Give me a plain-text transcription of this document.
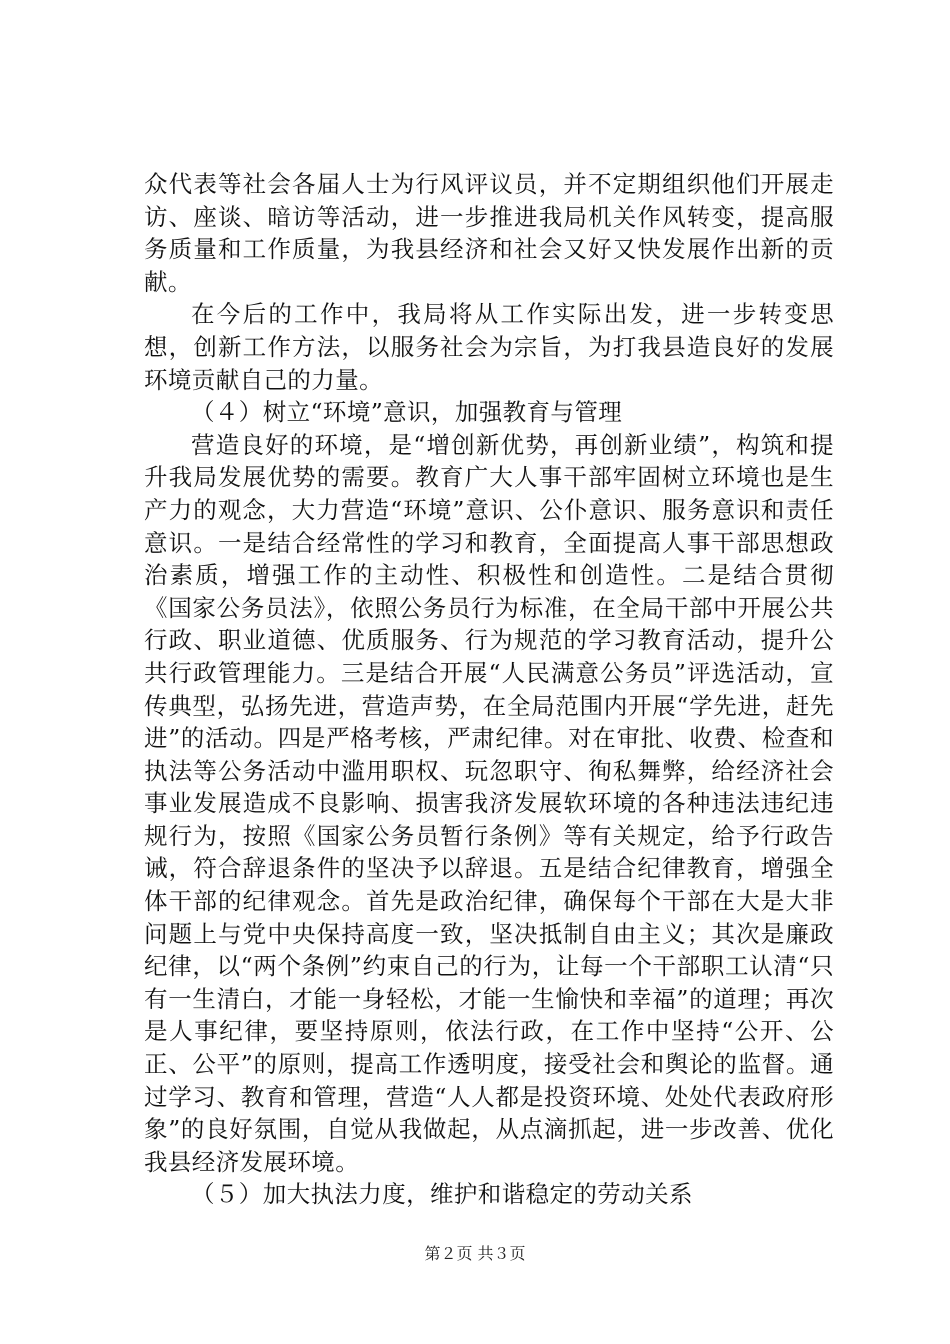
众代表等社会各届人士为行风评议员，并不定期组织他们开展走访、座谈、暗访等活动，进一步推进我局机关作风转变，提高服务质量和工作质量，为我县经济和社会又好又快发展作出新的贡献。

在今后的工作中，我局将从工作实际出发，进一步转变思想，创新工作方法，以服务社会为宗旨，为打我县造良好的发展环境贡献自己的力量。

（４）树立“环境”意识，加强教育与管理

营造良好的环境，是“增创新优势，再创新业绩”，构筑和提升我局发展优势的需要。教育广大人事干部牢固树立环境也是生产力的观念，大力营造“环境”意识、公仆意识、服务意识和责任意识。一是结合经常性的学习和教育，全面提高人事干部思想政治素质，增强工作的主动性、积极性和创造性。二是结合贯彻《国家公务员法》，依照公务员行为标准，在全局干部中开展公共行政、职业道德、优质服务、行为规范的学习教育活动，提升公共行政管理能力。三是结合开展“人民满意公务员”评选活动，宣传典型，弘扬先进，营造声势，在全局范围内开展“学先进，赶先进”的活动。四是严格考核，严肃纪律。对在审批、收费、检查和执法等公务活动中滥用职权、玩忽职守、徇私舞弊，给经济社会事业发展造成不良影响、损害我济发展软环境的各种违法违纪违规行为，按照《国家公务员暂行条例》等有关规定，给予行政告诫，符合辞退条件的坚决予以辞退。五是结合纪律教育，增强全体干部的纪律观念。首先是政治纪律，确保每个干部在大是大非问题上与党中央保持高度一致，坚决抵制自由主义；其次是廉政纪律，以“两个条例”约束自己的行为，让每一个干部职工认清“只有一生清白，才能一身轻松，才能一生愉快和幸福”的道理；再次是人事纪律，要坚持原则，依法行政，在工作中坚持“公开、公正、公平”的原则，提高工作透明度，接受社会和舆论的监督。通过学习、教育和管理，营造“人人都是投资环境、处处代表政府形象”的良好氛围，自觉从我做起，从点滴抓起，进一步改善、优化我县经济发展环境。

（５）加大执法力度，维护和谐稳定的劳动关系

第２页 共３页
